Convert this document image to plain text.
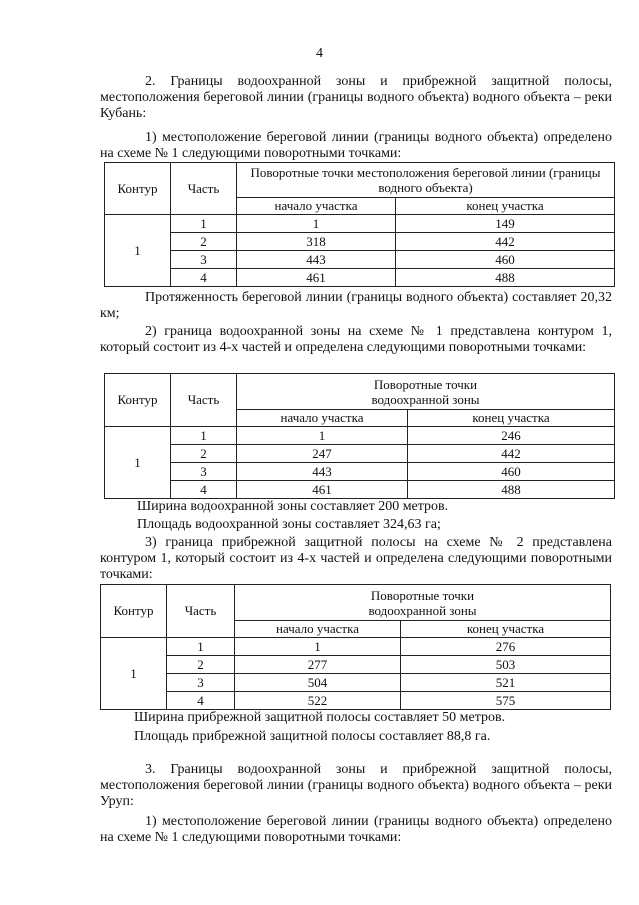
4

2. Границы водоохранной зоны и прибрежной защитной полосы, местоположения береговой линии (границы водного объекта) водного объекта – реки Кубань:

1) местоположение береговой линии (границы водного объекта) определено на схеме № 1 следующими поворотными точками:

Контур	Часть	Поворотные точки местоположения береговой линии (границы водного объекта)	
		начало участка	конец участка
1	1	1	149
	2	318	442
	3	443	460
	4	461	488

Протяженность береговой линии (границы водного объекта) составляет 20,32 км;

2) граница водоохранной зоны на схеме № 1 представлена контуром 1, который состоит из 4-х частей и определена следующими поворотными точками:

Контур	Часть	Поворотные точки водоохранной зоны	
		начало участка	конец участка
1	1	1	246
	2	247	442
	3	443	460
	4	461	488
Ширина водоохранной зоны составляет 200 метров.
Площадь водоохранной зоны составляет 324,63 га;

3) граница прибрежной защитной полосы на схеме № 2 представлена контуром 1, который состоит из 4-х частей и определена следующими поворотными точками:

Контур	Часть	Поворотные точки водоохранной зоны	
		начало участка	конец участка
1	1	1	276
	2	277	503
	3	504	521
	4	522	575
Ширина прибрежной защитной полосы составляет 50 метров.
Площадь прибрежной защитной полосы составляет 88,8 га.

3. Границы водоохранной зоны и прибрежной защитной полосы, местоположения береговой линии (границы водного объекта) водного объекта – реки Уруп:

1) местоположение береговой линии (границы водного объекта) определено на схеме № 1 следующими поворотными точками:
